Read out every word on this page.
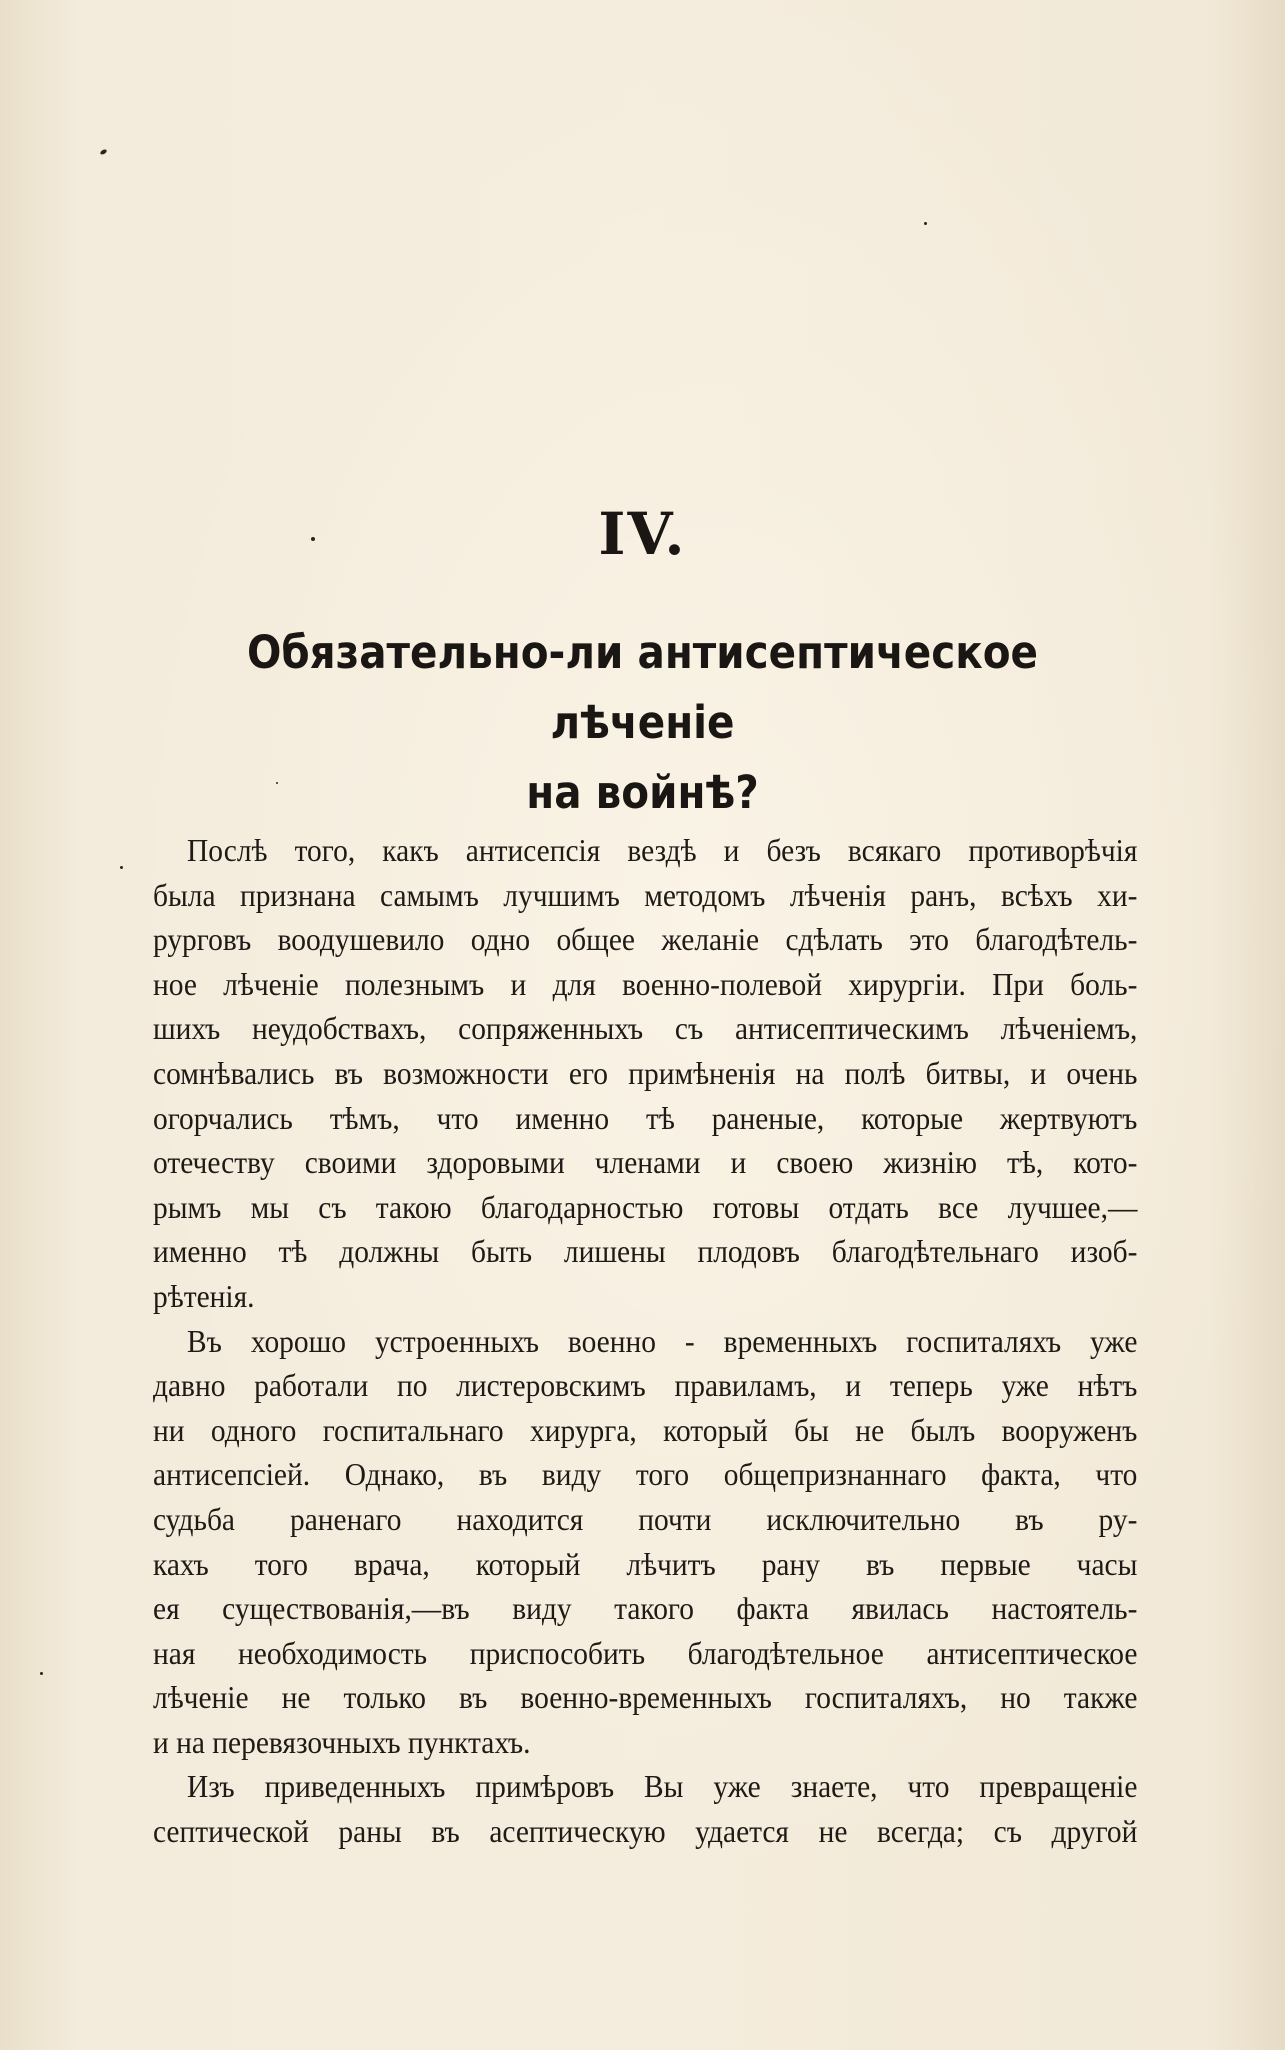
IV.
Обязательно-ли антисептическое лѣченіе
на войнѣ?
Послѣ того, какъ антисепсія вездѣ и безъ всякаго противорѣчія
была признана самымъ лучшимъ методомъ лѣченія ранъ, всѣхъ хи-
рурговъ воодушевило одно общее желаніе сдѣлать это благодѣтель-
ное лѣченіе полезнымъ и для военно-полевой хирургіи. При боль-
шихъ неудобствахъ, сопряженныхъ съ антисептическимъ лѣченіемъ,
сомнѣвались въ возможности его примѣненія на полѣ битвы, и очень
огорчались тѣмъ, что именно тѣ раненые, которые жертвуютъ
отечеству своими здоровыми членами и своею жизнію тѣ, кото-
рымъ мы съ такою благодарностью готовы отдать все лучшее,—
именно тѣ должны быть лишены плодовъ благодѣтельнаго изоб-
рѣтенія.
Въ хорошо устроенныхъ военно - временныхъ госпиталяхъ уже
давно работали по листеровскимъ правиламъ, и теперь уже нѣтъ
ни одного госпитальнаго хирурга, который бы не былъ вооруженъ
антисепсіей. Однако, въ виду того общепризнаннаго факта, что
судьба раненаго находится почти исключительно въ ру-
кахъ того врача, который лѣчитъ рану въ первые часы
ея существованія,—въ виду такого факта явилась настоятель-
ная необходимость приспособить благодѣтельное антисептическое
лѣченіе не только въ военно-временныхъ госпиталяхъ, но также
и на перевязочныхъ пунктахъ.
Изъ приведенныхъ примѣровъ Вы уже знаете, что превращеніе
септической раны въ асептическую удается не всегда; съ другой
